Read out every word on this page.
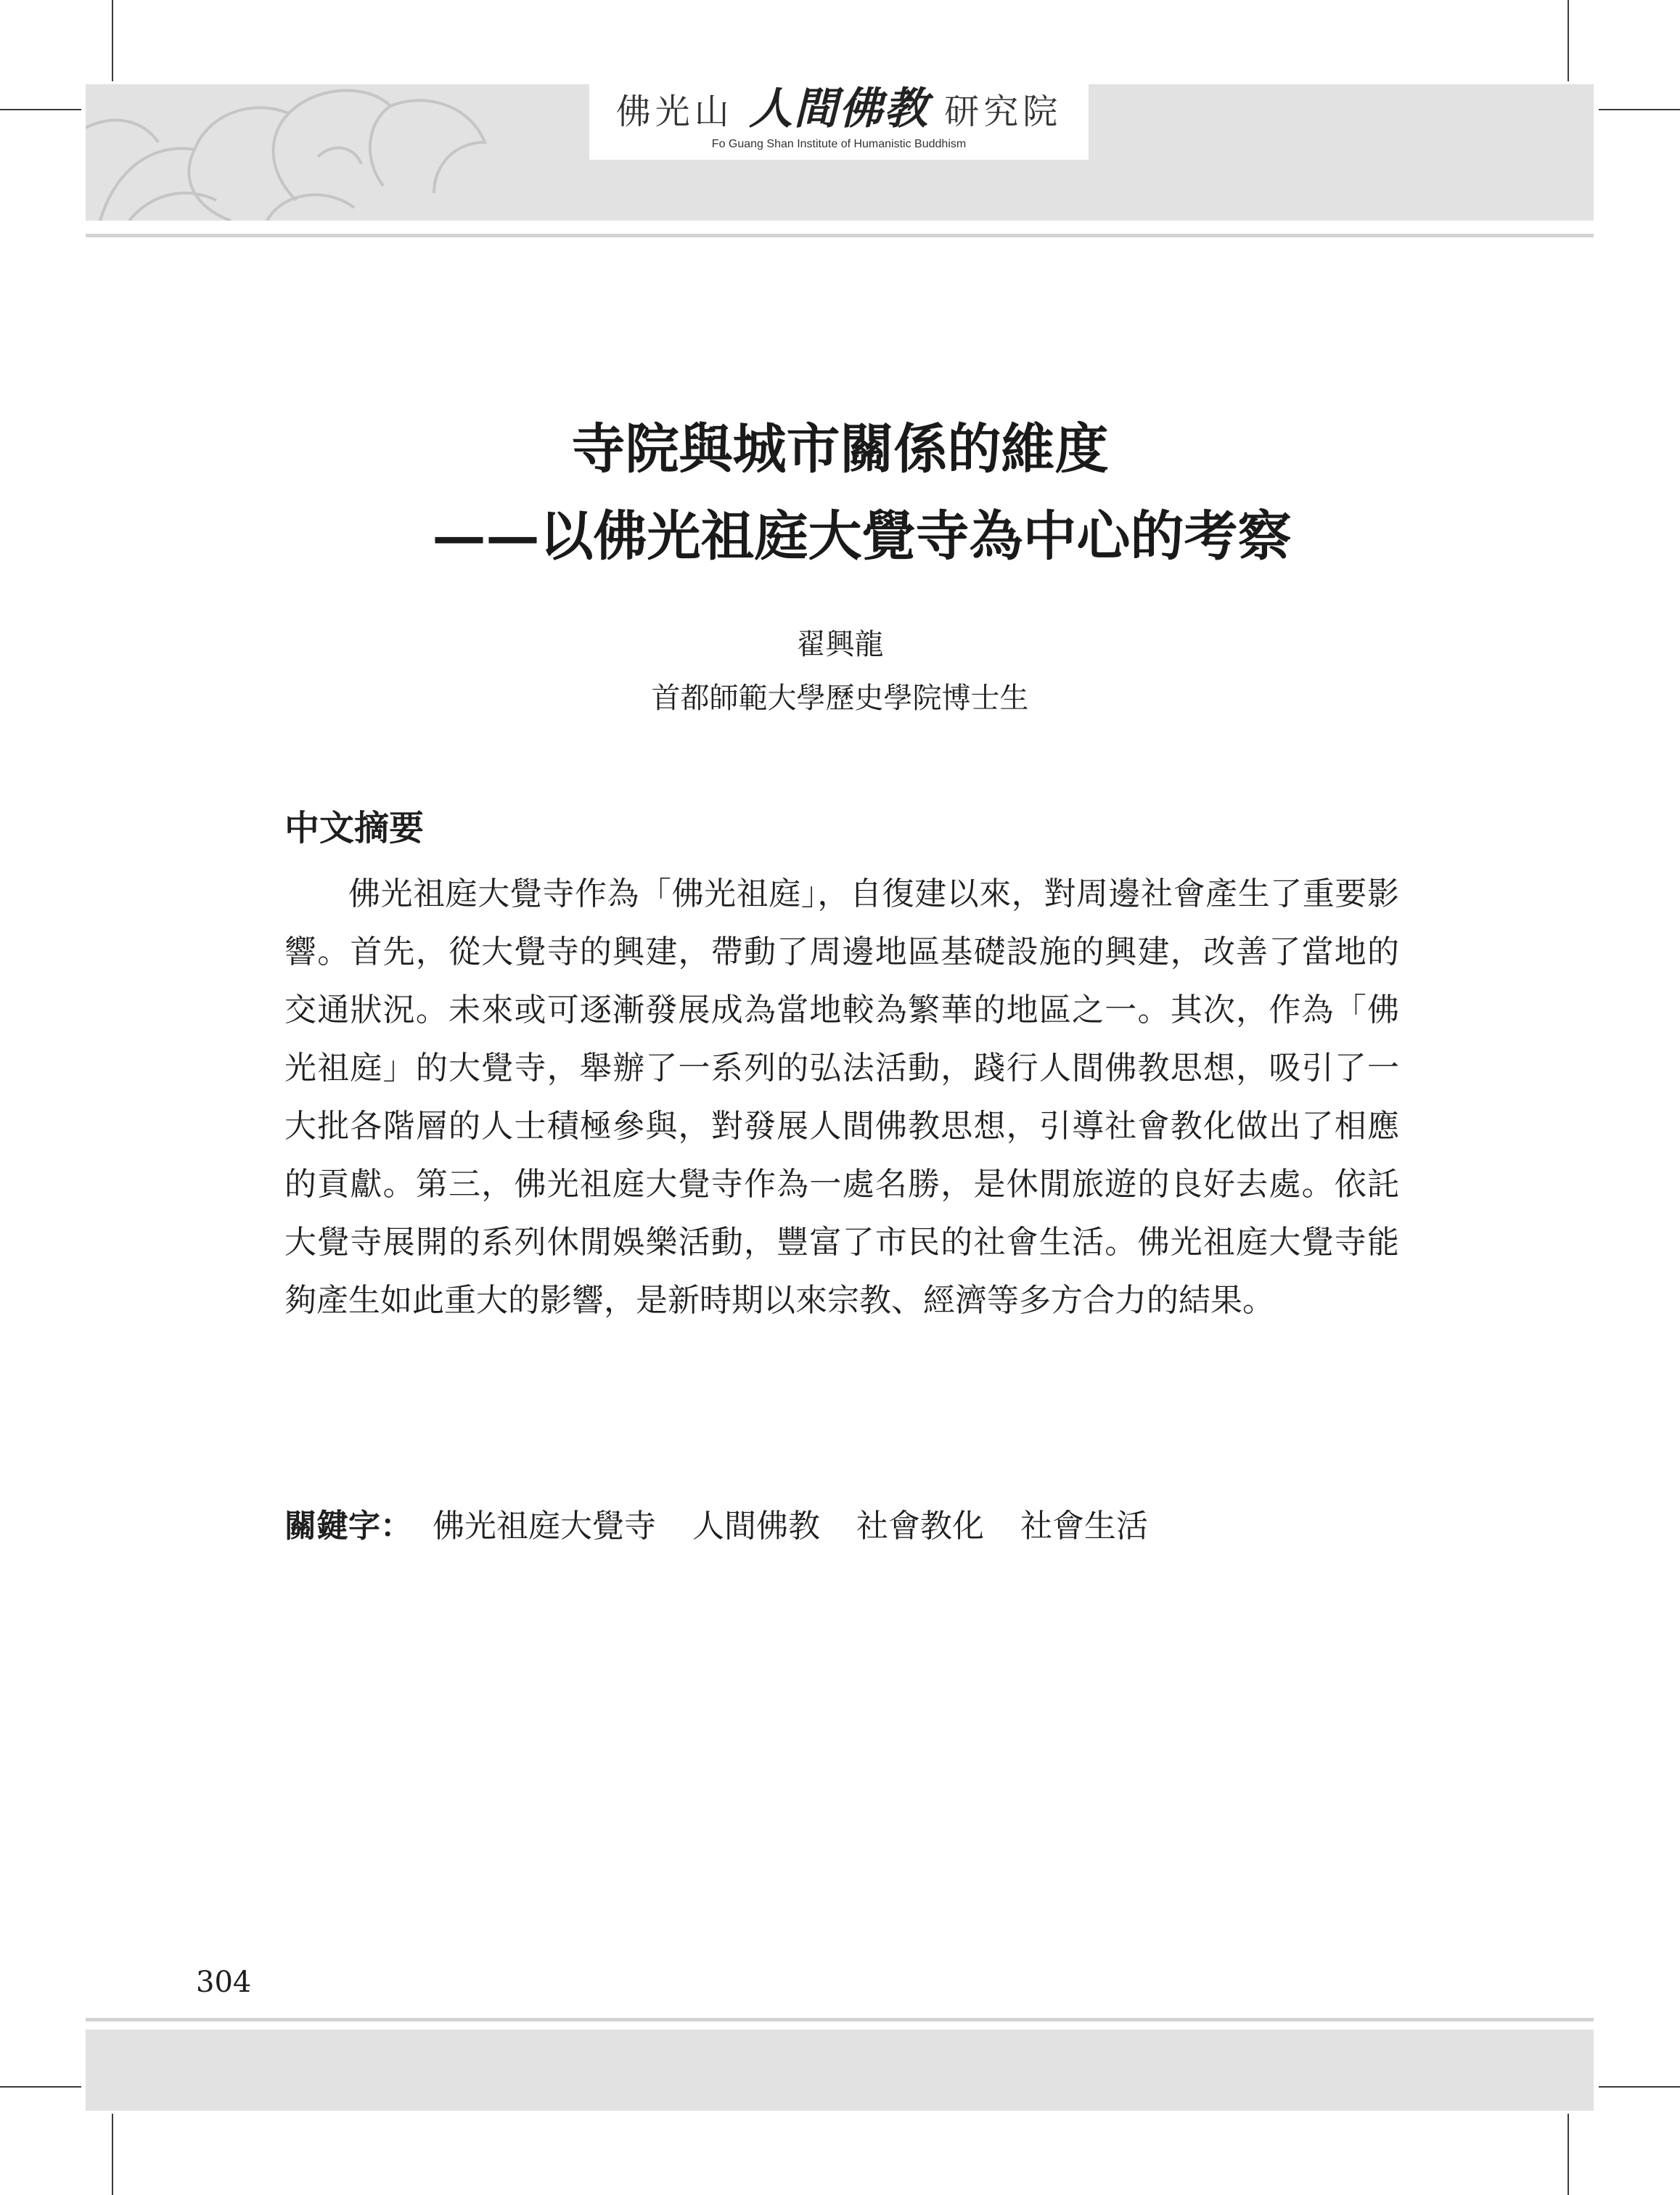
佛光山 人間佛教 研究院
Fo Guang Shan Institute of Humanistic Buddhism
寺院與城市關係的維度
——以佛光祖庭大覺寺為中心的考察
翟興龍
首都師範大學歷史學院博士生
中文摘要

佛光祖庭大覺寺作為「佛光祖庭」，自復建以來，對周邊社會產生了重要影響。首先，從大覺寺的興建，帶動了周邊地區基礎設施的興建，改善了當地的交通狀況。未來或可逐漸發展成為當地較為繁華的地區之一。其次，作為「佛光祖庭」的大覺寺，舉辦了一系列的弘法活動，踐行人間佛教思想，吸引了一大批各階層的人士積極參與，對發展人間佛教思想，引導社會教化做出了相應的貢獻。第三，佛光祖庭大覺寺作為一處名勝，是休閒旅遊的良好去處。依託大覺寺展開的系列休閒娛樂活動，豐富了市民的社會生活。佛光祖庭大覺寺能夠產生如此重大的影響，是新時期以來宗教、經濟等多方合力的結果。

關鍵字： 佛光祖庭大覺寺 人間佛教 社會教化 社會生活
304
